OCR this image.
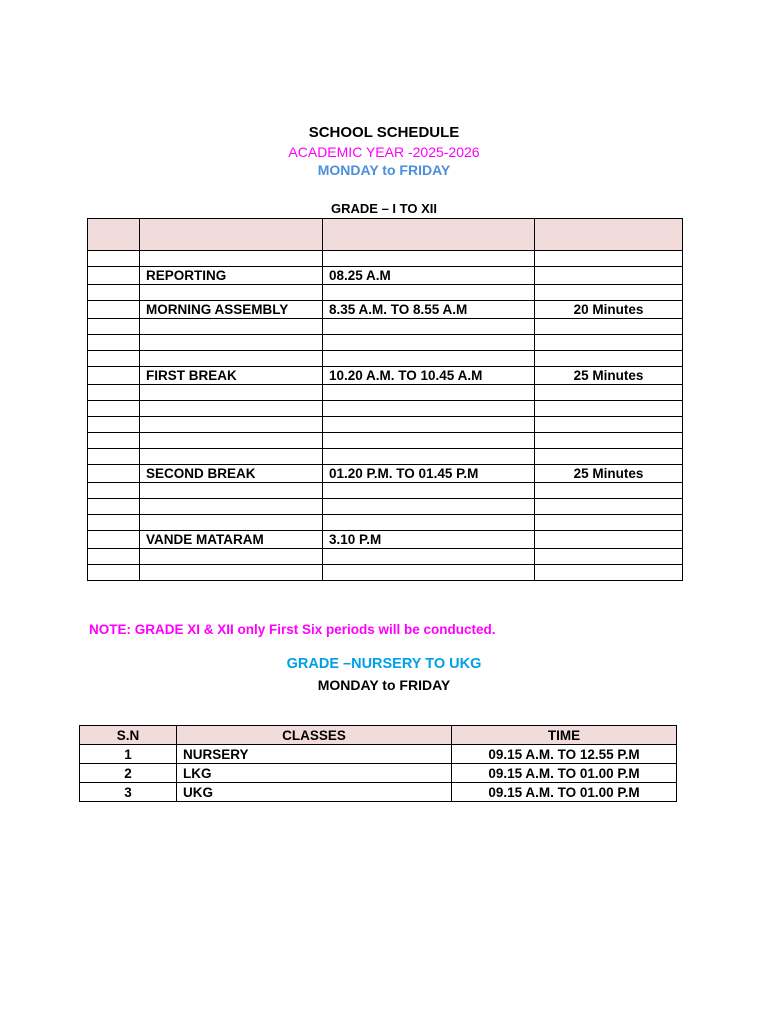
SCHOOL SCHEDULE
ACADEMIC YEAR -2025-2026
MONDAY to FRIDAY
GRADE – I TO XII

	REPORTING	08.25 A.M	

	MORNING ASSEMBLY	8.35 A.M. TO 8.55 A.M	20 Minutes

	FIRST BREAK	10.20 A.M. TO 10.45 A.M	25 Minutes

	SECOND BREAK	01.20 P.M. TO 01.45 P.M	25 Minutes

	VANDE MATARAM	3.10 P.M	

NOTE: GRADE XI & XII only First Six periods will be conducted.
GRADE –NURSERY TO UKG
MONDAY to FRIDAY
S.N	CLASSES	TIME
1	NURSERY	09.15 A.M. TO 12.55 P.M
2	LKG	09.15 A.M. TO 01.00 P.M
3	UKG	09.15 A.M. TO 01.00 P.M
